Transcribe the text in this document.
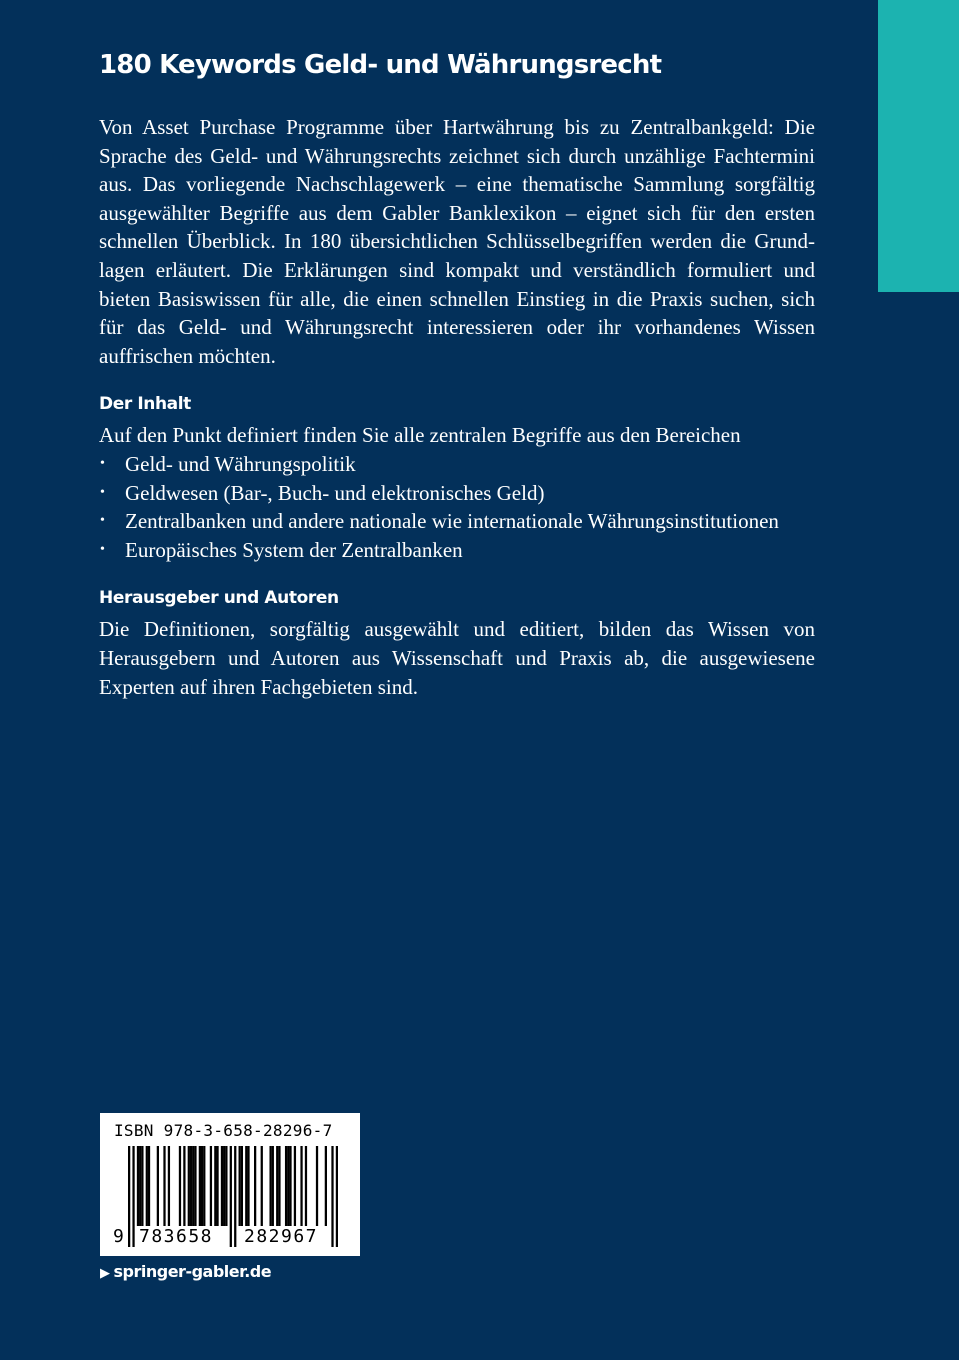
180 Keywords Geld- und Währungsrecht

Von Asset Purchase Programme über Hartwährung bis zu Zentralbankgeld: Die Sprache des Geld- und Währungsrechts zeichnet sich durch unzählige Fachtermini aus. Das vorliegende Nachschlagewerk – eine thematische Sammlung sorgfältig ausgewählter Begriffe aus dem Gabler Banklexikon – eignet sich für den ersten schnellen Überblick. In 180 übersichtlichen Schlüsselbegriffen werden die Grundlagen erläutert. Die Erklärungen sind kompakt und verständlich formuliert und bieten Basiswissen für alle, die einen schnellen Einstieg in die Praxis suchen, sich für das Geld- und Währungsrecht interessieren oder ihr vorhandenes Wissen auffrischen möchten.

Der Inhalt

Auf den Punkt definiert finden Sie alle zentralen Begriffe aus den Bereichen

• Geld- und Währungspolitik
• Geldwesen (Bar-, Buch- und elektronisches Geld)
• Zentralbanken und andere nationale wie internationale Währungsinstitutionen
• Europäisches System der Zentralbanken
Herausgeber und Autoren

Die Definitionen, sorgfältig ausgewählt und editiert, bilden das Wissen von Herausgebern und Autoren aus Wissenschaft und Praxis ab, die ausgewiesene Experten auf ihren Fachgebieten sind.

ISBN 978-3-658-28296-7
9 783658 282967
▶ springer-gabler.de
